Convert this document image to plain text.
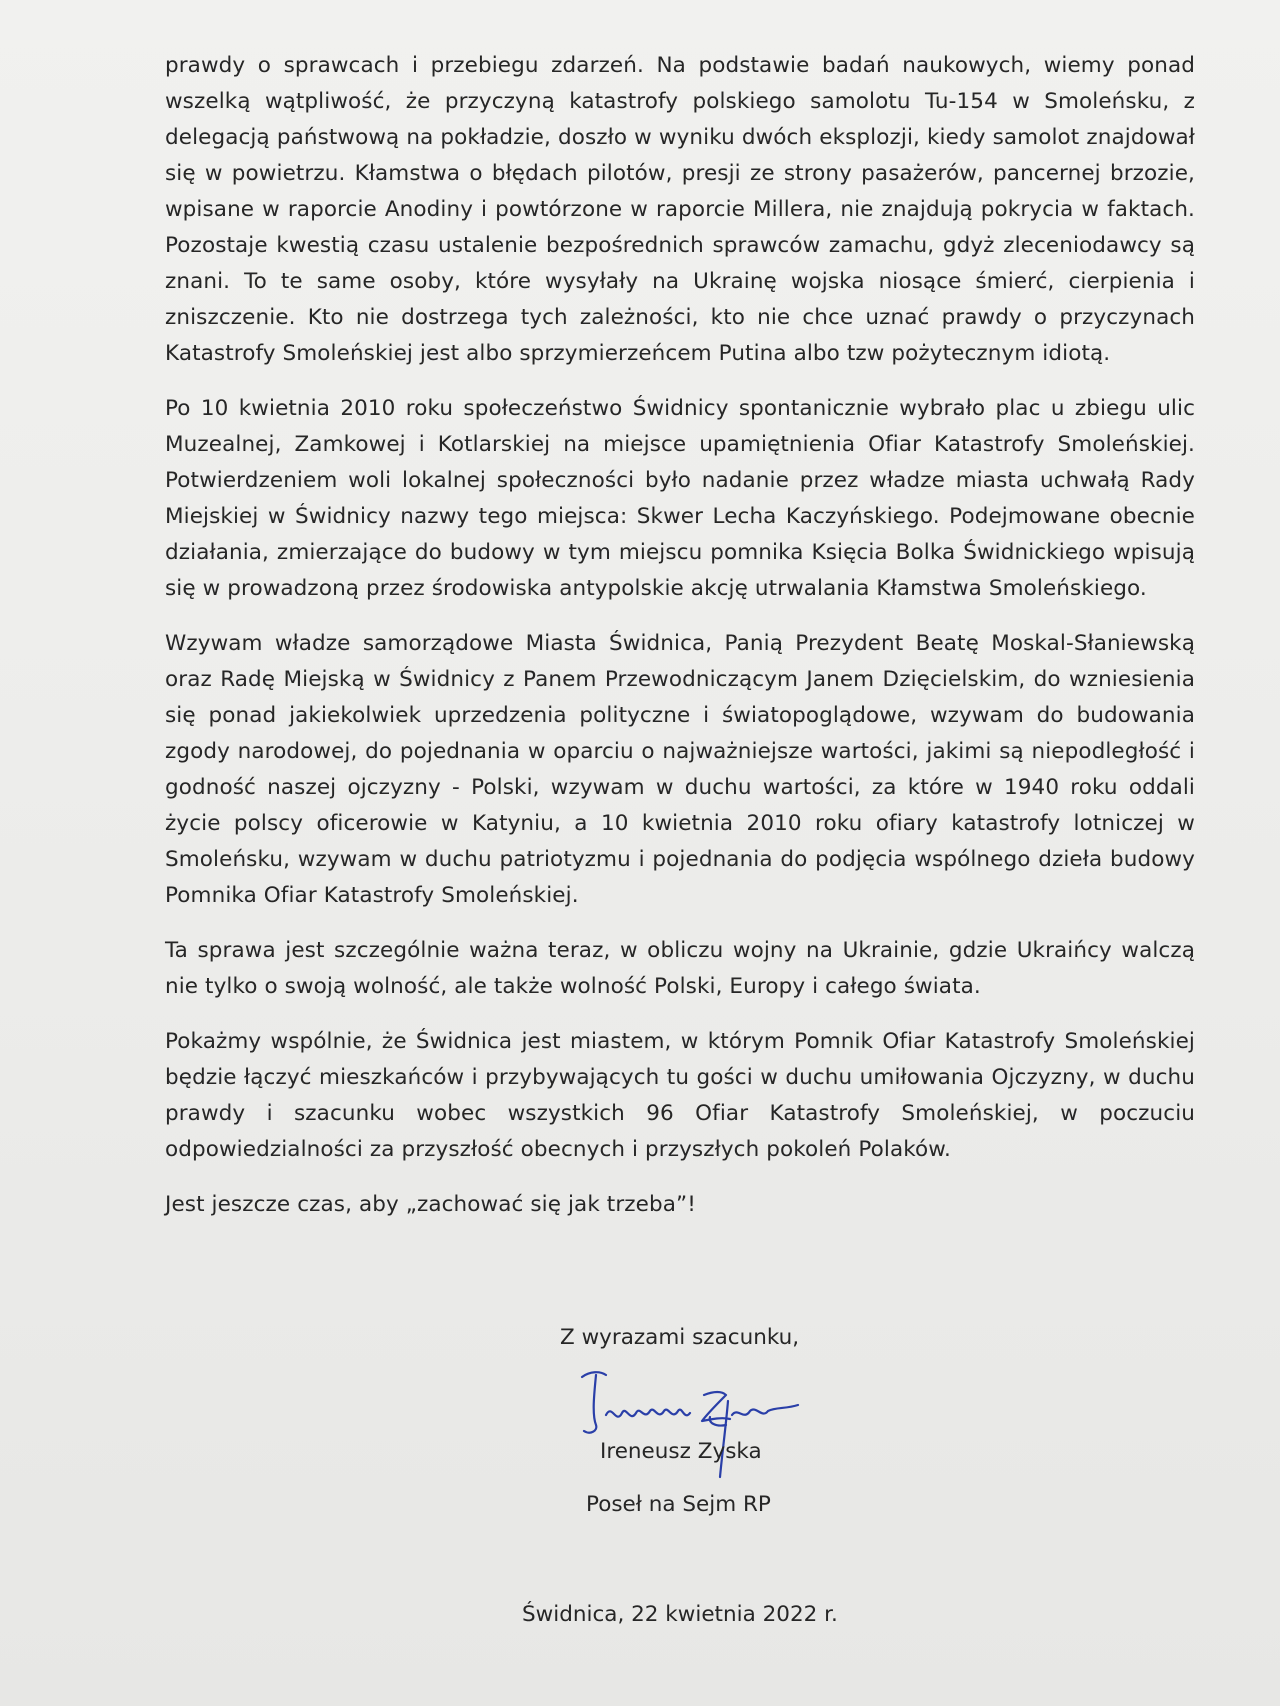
prawdy o sprawcach i przebiegu zdarzeń. Na podstawie badań naukowych, wiemy ponad wszelką wątpliwość, że przyczyną katastrofy polskiego samolotu Tu-154 w Smoleńsku, z delegacją państwową na pokładzie, doszło w wyniku dwóch eksplozji, kiedy samolot znajdował się w powietrzu. Kłamstwa o błędach pilotów, presji ze strony pasażerów, pancernej brzozie, wpisane w raporcie Anodiny i powtórzone w raporcie Millera, nie znajdują pokrycia w faktach. Pozostaje kwestią czasu ustalenie bezpośrednich sprawców zamachu, gdyż zleceniodawcy są znani. To te same osoby, które wysyłały na Ukrainę wojska niosące śmierć, cierpienia i zniszczenie. Kto nie dostrzega tych zależności, kto nie chce uznać prawdy o przyczynach Katastrofy Smoleńskiej jest albo sprzymierzeńcem Putina albo tzw pożytecznym idiotą.

Po 10 kwietnia 2010 roku społeczeństwo Świdnicy spontanicznie wybrało plac u zbiegu ulic Muzealnej, Zamkowej i Kotlarskiej na miejsce upamiętnienia Ofiar Katastrofy Smoleńskiej. Potwierdzeniem woli lokalnej społeczności było nadanie przez władze miasta uchwałą Rady Miejskiej w Świdnicy nazwy tego miejsca: Skwer Lecha Kaczyńskiego. Podejmowane obecnie działania, zmierzające do budowy w tym miejscu pomnika Księcia Bolka Świdnickiego wpisują się w prowadzoną przez środowiska antypolskie akcję utrwalania Kłamstwa Smoleńskiego.

Wzywam władze samorządowe Miasta Świdnica, Panią Prezydent Beatę Moskal-Słaniewską oraz Radę Miejską w Świdnicy z Panem Przewodniczącym Janem Dzięcielskim, do wzniesienia się ponad jakiekolwiek uprzedzenia polityczne i światopoglądowe, wzywam do budowania zgody narodowej, do pojednania w oparciu o najważniejsze wartości, jakimi są niepodległość i godność naszej ojczyzny - Polski, wzywam w duchu wartości, za które w 1940 roku oddali życie polscy oficerowie w Katyniu, a 10 kwietnia 2010 roku ofiary katastrofy lotniczej w Smoleńsku, wzywam w duchu patriotyzmu i pojednania do podjęcia wspólnego dzieła budowy Pomnika Ofiar Katastrofy Smoleńskiej.

Ta sprawa jest szczególnie ważna teraz, w obliczu wojny na Ukrainie, gdzie Ukraińcy walczą nie tylko o swoją wolność, ale także wolność Polski, Europy i całego świata.

Pokażmy wspólnie, że Świdnica jest miastem, w którym Pomnik Ofiar Katastrofy Smoleńskiej będzie łączyć mieszkańców i przybywających tu gości w duchu umiłowania Ojczyzny, w duchu prawdy i szacunku wobec wszystkich 96 Ofiar Katastrofy Smoleńskiej, w poczuciu odpowiedzialności za przyszłość obecnych i przyszłych pokoleń Polaków.

Jest jeszcze czas, aby „zachować się jak trzeba”!

Z wyrazami szacunku,
Ireneusz Zyska
Poseł na Sejm RP
Świdnica, 22 kwietnia 2022 r.
